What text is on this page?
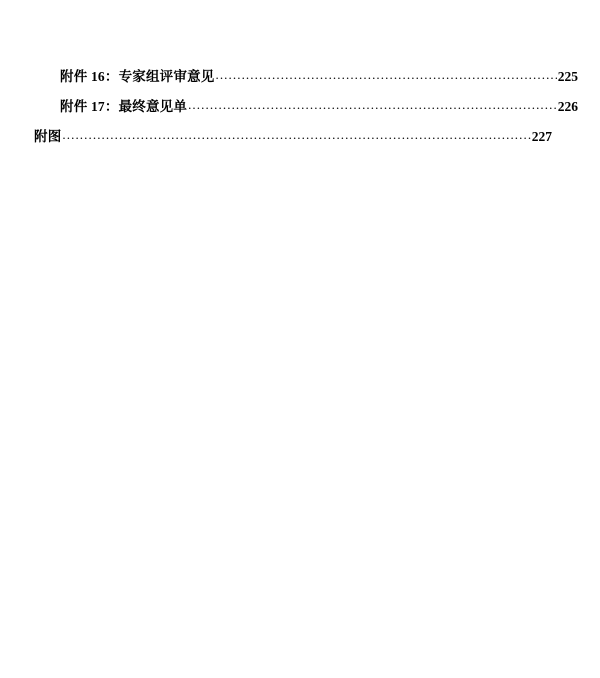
附件 16：专家组评审意见 .....	225
附件 17：最终意见单 .....	226
附图 .....	227
